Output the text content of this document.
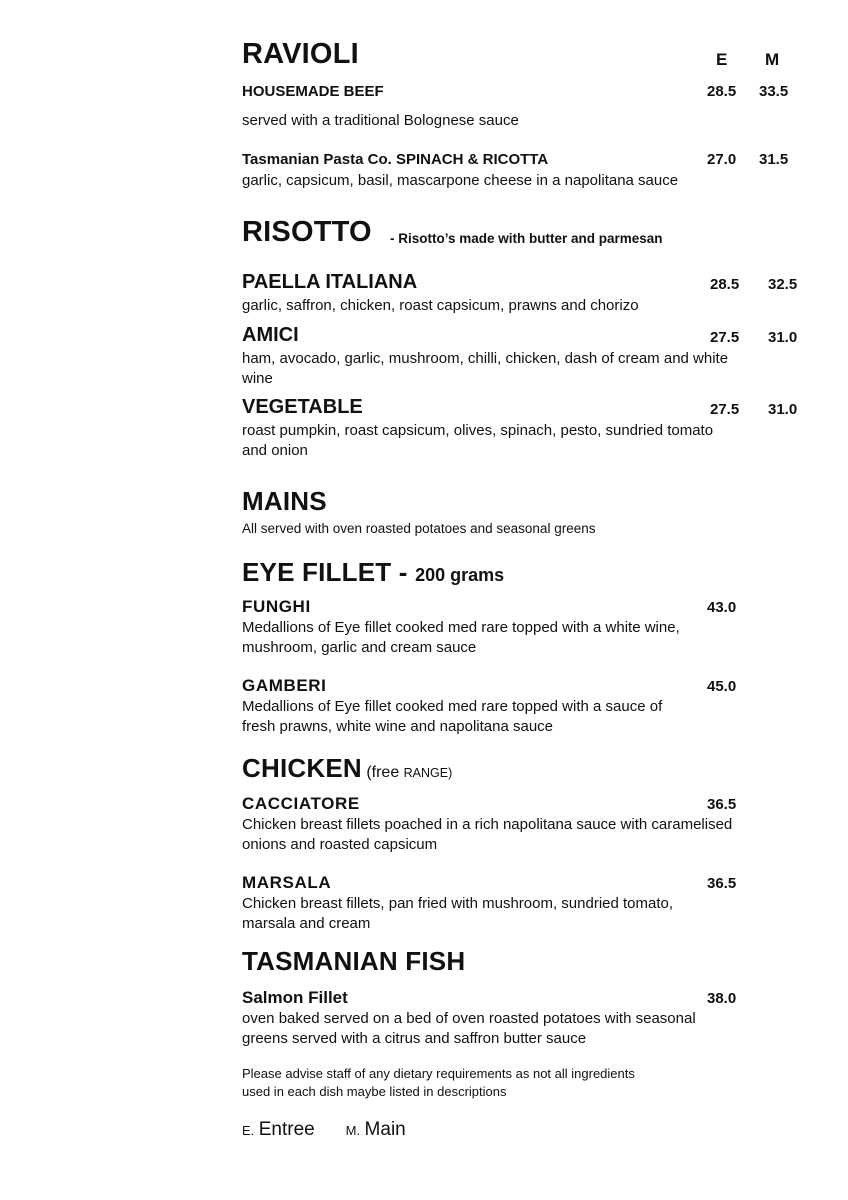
RAVIOLI	E M
HOUSEMADE BEEF	28.5 33.5
served with a traditional Bolognese sauce
Tasmanian Pasta Co. SPINACH & RICOTTA	27.0 31.5
garlic, capsicum, basil, mascarpone cheese in a napolitana sauce
RISOTTO - Risotto’s made with butter and parmesan
PAELLA ITALIANA	28.5 32.5
garlic, saffron, chicken, roast capsicum, prawns and chorizo
AMICI	27.5 31.0
ham, avocado, garlic, mushroom, chilli, chicken, dash of cream and white
wine
VEGETABLE	27.5 31.0
roast pumpkin, roast capsicum, olives, spinach, pesto, sundried tomato
and onion
MAINS
All served with oven roasted potatoes and seasonal greens
EYE FILLET - 200 grams
FUNGHI	43.0
Medallions of Eye fillet cooked med rare topped with a white wine,
mushroom, garlic and cream sauce
GAMBERI	45.0
Medallions of Eye fillet cooked med rare topped with a sauce of
fresh prawns, white wine and napolitana sauce
CHICKEN (free RANGE)
CACCIATORE	36.5
Chicken breast fillets poached in a rich napolitana sauce with caramelised
onions and roasted capsicum
MARSALA	36.5
Chicken breast fillets, pan fried with mushroom, sundried tomato,
marsala and cream
TASMANIAN FISH
Salmon Fillet	38.0
oven baked served on a bed of oven roasted potatoes with seasonal
greens served with a citrus and saffron butter sauce
Please advise staff of any dietary requirements as not all ingredients
used in each dish maybe listed in descriptions
E. Entree M. Main
